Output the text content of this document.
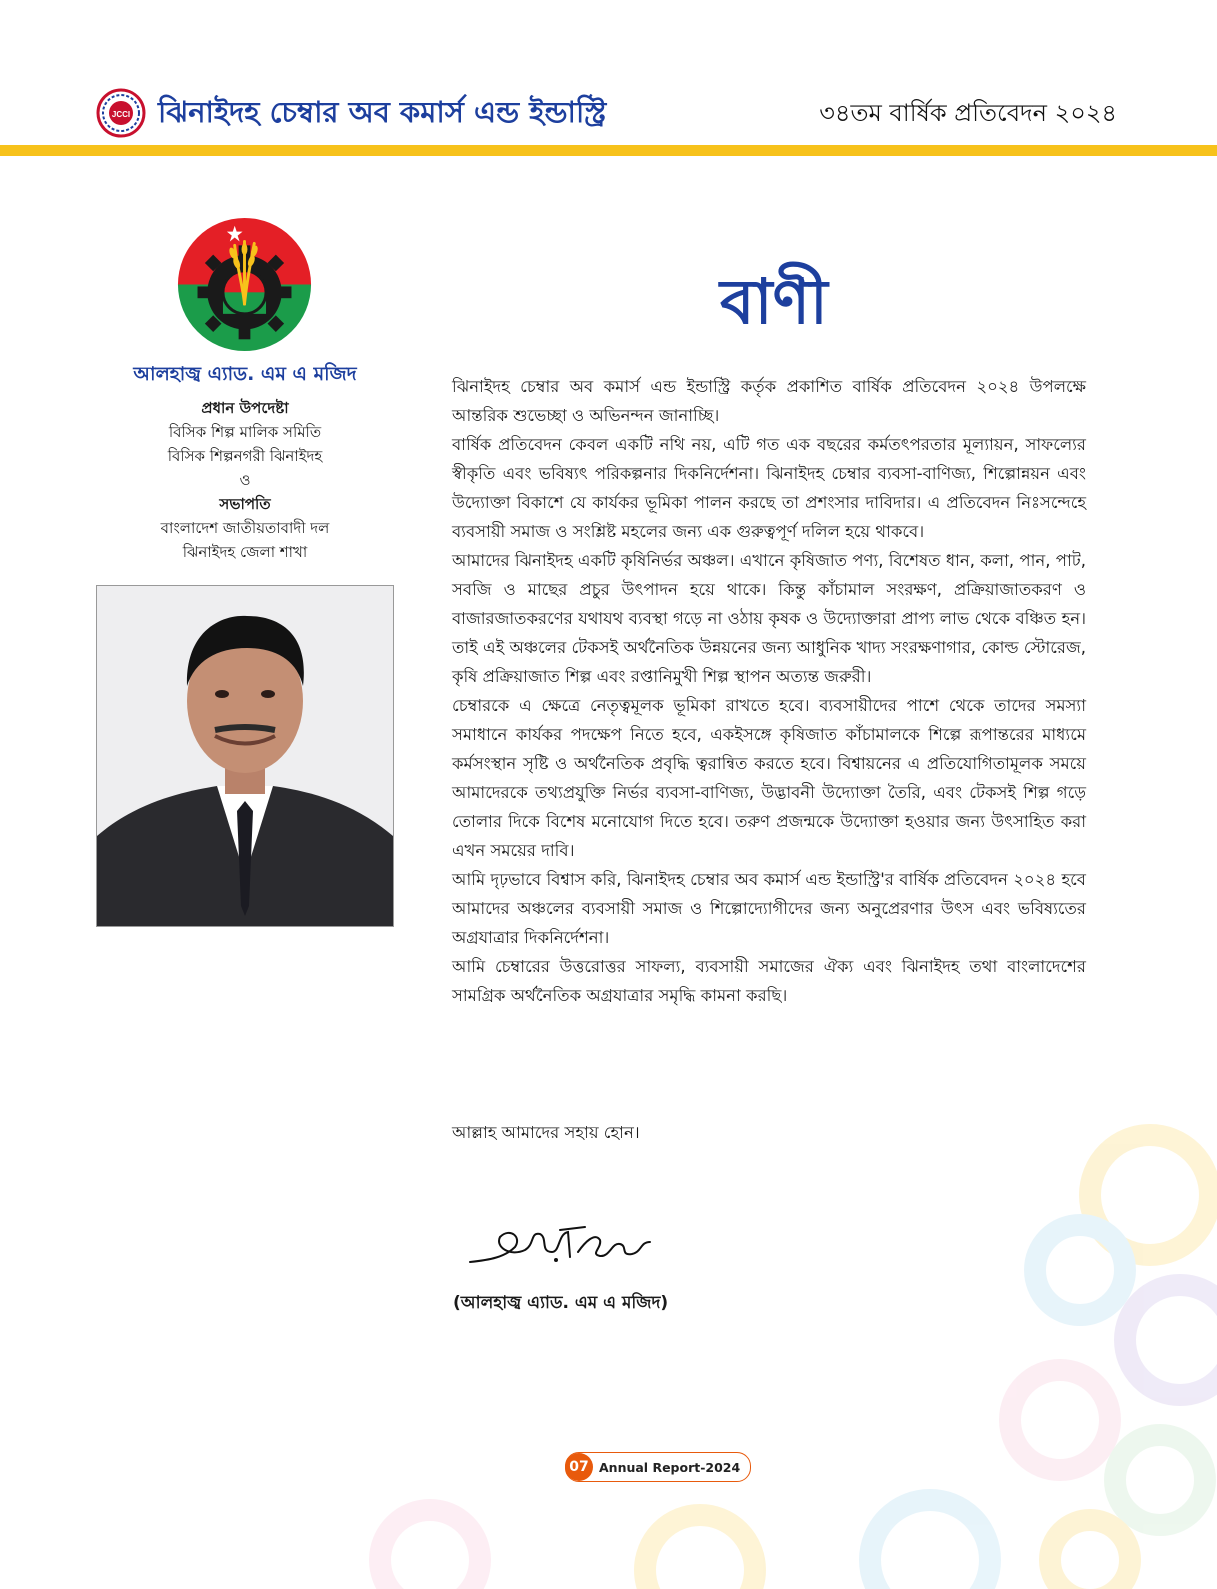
JCCI ঝিনাইদহ চেম্বার অব কমার্স এন্ড ইন্ডাস্ট্রি	৩৪তম বার্ষিক প্রতিবেদন ২০২৪
আলহাজ্ব এ্যাড. এম এ মজিদ
প্রধান উপদেষ্টা
বিসিক শিল্প মালিক সমিতি
বিসিক শিল্পনগরী ঝিনাইদহ
ও
সভাপতি
বাংলাদেশ জাতীয়তাবাদী দল
ঝিনাইদহ জেলা শাখা
বাণী

ঝিনাইদহ চেম্বার অব কমার্স এন্ড ইন্ডাস্ট্রি কর্তৃক প্রকাশিত বার্ষিক প্রতিবেদন ২০২৪ উপলক্ষে আন্তরিক শুভেচ্ছা ও অভিনন্দন জানাচ্ছি।

বার্ষিক প্রতিবেদন কেবল একটি নথি নয়, এটি গত এক বছরের কর্মতৎপরতার মূল্যায়ন, সাফল্যের স্বীকৃতি এবং ভবিষ্যৎ পরিকল্পনার দিকনির্দেশনা। ঝিনাইদহ চেম্বার ব্যবসা-বাণিজ্য, শিল্পোন্নয়ন এবং উদ্যোক্তা বিকাশে যে কার্যকর ভূমিকা পালন করছে তা প্রশংসার দাবিদার। এ প্রতিবেদন নিঃসন্দেহে ব্যবসায়ী সমাজ ও সংশ্লিষ্ট মহলের জন্য এক গুরুত্বপূর্ণ দলিল হয়ে থাকবে।

আমাদের ঝিনাইদহ একটি কৃষিনির্ভর অঞ্চল। এখানে কৃষিজাত পণ্য, বিশেষত ধান, কলা, পান, পাট, সবজি ও মাছের প্রচুর উৎপাদন হয়ে থাকে। কিন্তু কাঁচামাল সংরক্ষণ, প্রক্রিয়াজাতকরণ ও বাজারজাতকরণের যথাযথ ব্যবস্থা গড়ে না ওঠায় কৃষক ও উদ্যোক্তারা প্রাপ্য লাভ থেকে বঞ্চিত হন। তাই এই অঞ্চলের টেকসই অর্থনৈতিক উন্নয়নের জন্য আধুনিক খাদ্য সংরক্ষণাগার, কোল্ড স্টোরেজ, কৃষি প্রক্রিয়াজাত শিল্প এবং রপ্তানিমুখী শিল্প স্থাপন অত্যন্ত জরুরী।

চেম্বারকে এ ক্ষেত্রে নেতৃত্বমূলক ভূমিকা রাখতে হবে। ব্যবসায়ীদের পাশে থেকে তাদের সমস্যা সমাধানে কার্যকর পদক্ষেপ নিতে হবে, একইসঙ্গে কৃষিজাত কাঁচামালকে শিল্পে রূপান্তরের মাধ্যমে কর্মসংস্থান সৃষ্টি ও অর্থনৈতিক প্রবৃদ্ধি ত্বরান্বিত করতে হবে। বিশ্বায়নের এ প্রতিযোগিতামূলক সময়ে আমাদেরকে তথ্যপ্রযুক্তি নির্ভর ব্যবসা-বাণিজ্য, উদ্ভাবনী উদ্যোক্তা তৈরি, এবং টেকসই শিল্প গড়ে তোলার দিকে বিশেষ মনোযোগ দিতে হবে। তরুণ প্রজন্মকে উদ্যোক্তা হওয়ার জন্য উৎসাহিত করা এখন সময়ের দাবি।

আমি দৃঢ়ভাবে বিশ্বাস করি, ঝিনাইদহ চেম্বার অব কমার্স এন্ড ইন্ডাস্ট্রি'র বার্ষিক প্রতিবেদন ২০২৪ হবে আমাদের অঞ্চলের ব্যবসায়ী সমাজ ও শিল্পোদ্যোগীদের জন্য অনুপ্রেরণার উৎস এবং ভবিষ্যতের অগ্রযাত্রার দিকনির্দেশনা।

আমি চেম্বারের উত্তরোত্তর সাফল্য, ব্যবসায়ী সমাজের ঐক্য এবং ঝিনাইদহ তথা বাংলাদেশের সামগ্রিক অর্থনৈতিক অগ্রযাত্রার সমৃদ্ধি কামনা করছি।

আল্লাহ আমাদের সহায় হোন।
(আলহাজ্ব এ্যাড. এম এ মজিদ)
07 Annual Report-2024
